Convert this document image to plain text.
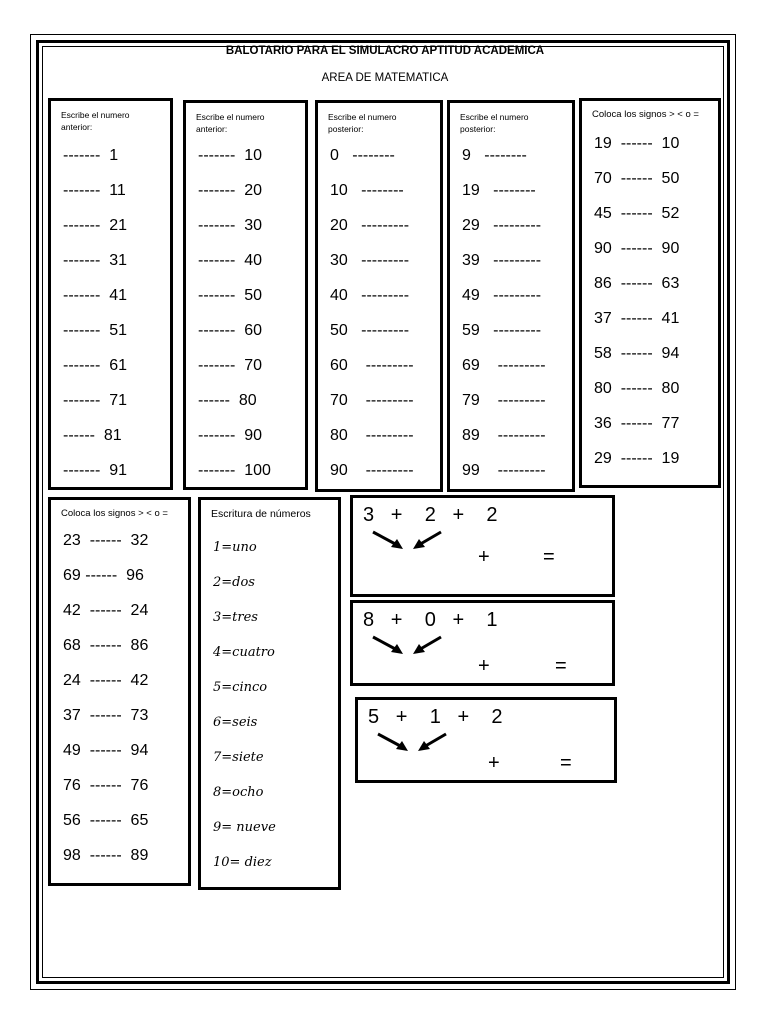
BALOTARIO PARA EL SIMULACRO APTITUD ACADEMICA
AREA DE MATEMATICA
Escribe el numero anterior:
-------  1
-------  11
-------  21
-------  31
-------  41
-------  51
-------  61
-------  71
------  81
-------  91
Escribe el numero anterior:
-------  10
-------  20
-------  30
-------  40
-------  50
-------  60
-------  70
------  80
-------  90
-------  100
Escribe el numero posterior:
0   --------
10   --------
20   ---------
30   ---------
40   ---------
50   ---------
60    ---------
70    ---------
80    ---------
90    ---------
Escribe el numero posterior:
9   --------
19   --------
29   ---------
39   ---------
49   ---------
59   ---------
69    ---------
79    ---------
89    ---------
99    ---------
Coloca los signos > < o =
19  ------  10
70  ------  50
45  ------  52
90  ------  90
86  ------  63
37  ------  41
58  ------  94
80  ------  80
36  ------  77
29  ------  19
Coloca los signos > < o =
23  ------  32
69 ------  96
42  ------  24
68  ------  86
24  ------  42
37  ------  73
49  ------  94
76  ------  76
56  ------  65
98  ------  89
Escritura de números
1=uno
2=dos
3=tres
4=cuatro
5=cinco
6=seis
7=siete
8=ocho
9= nueve
10= diez
3   +    2   +    2
+	=
8   +    0   +    1
+	=
5   +    1   +    2
+	=
